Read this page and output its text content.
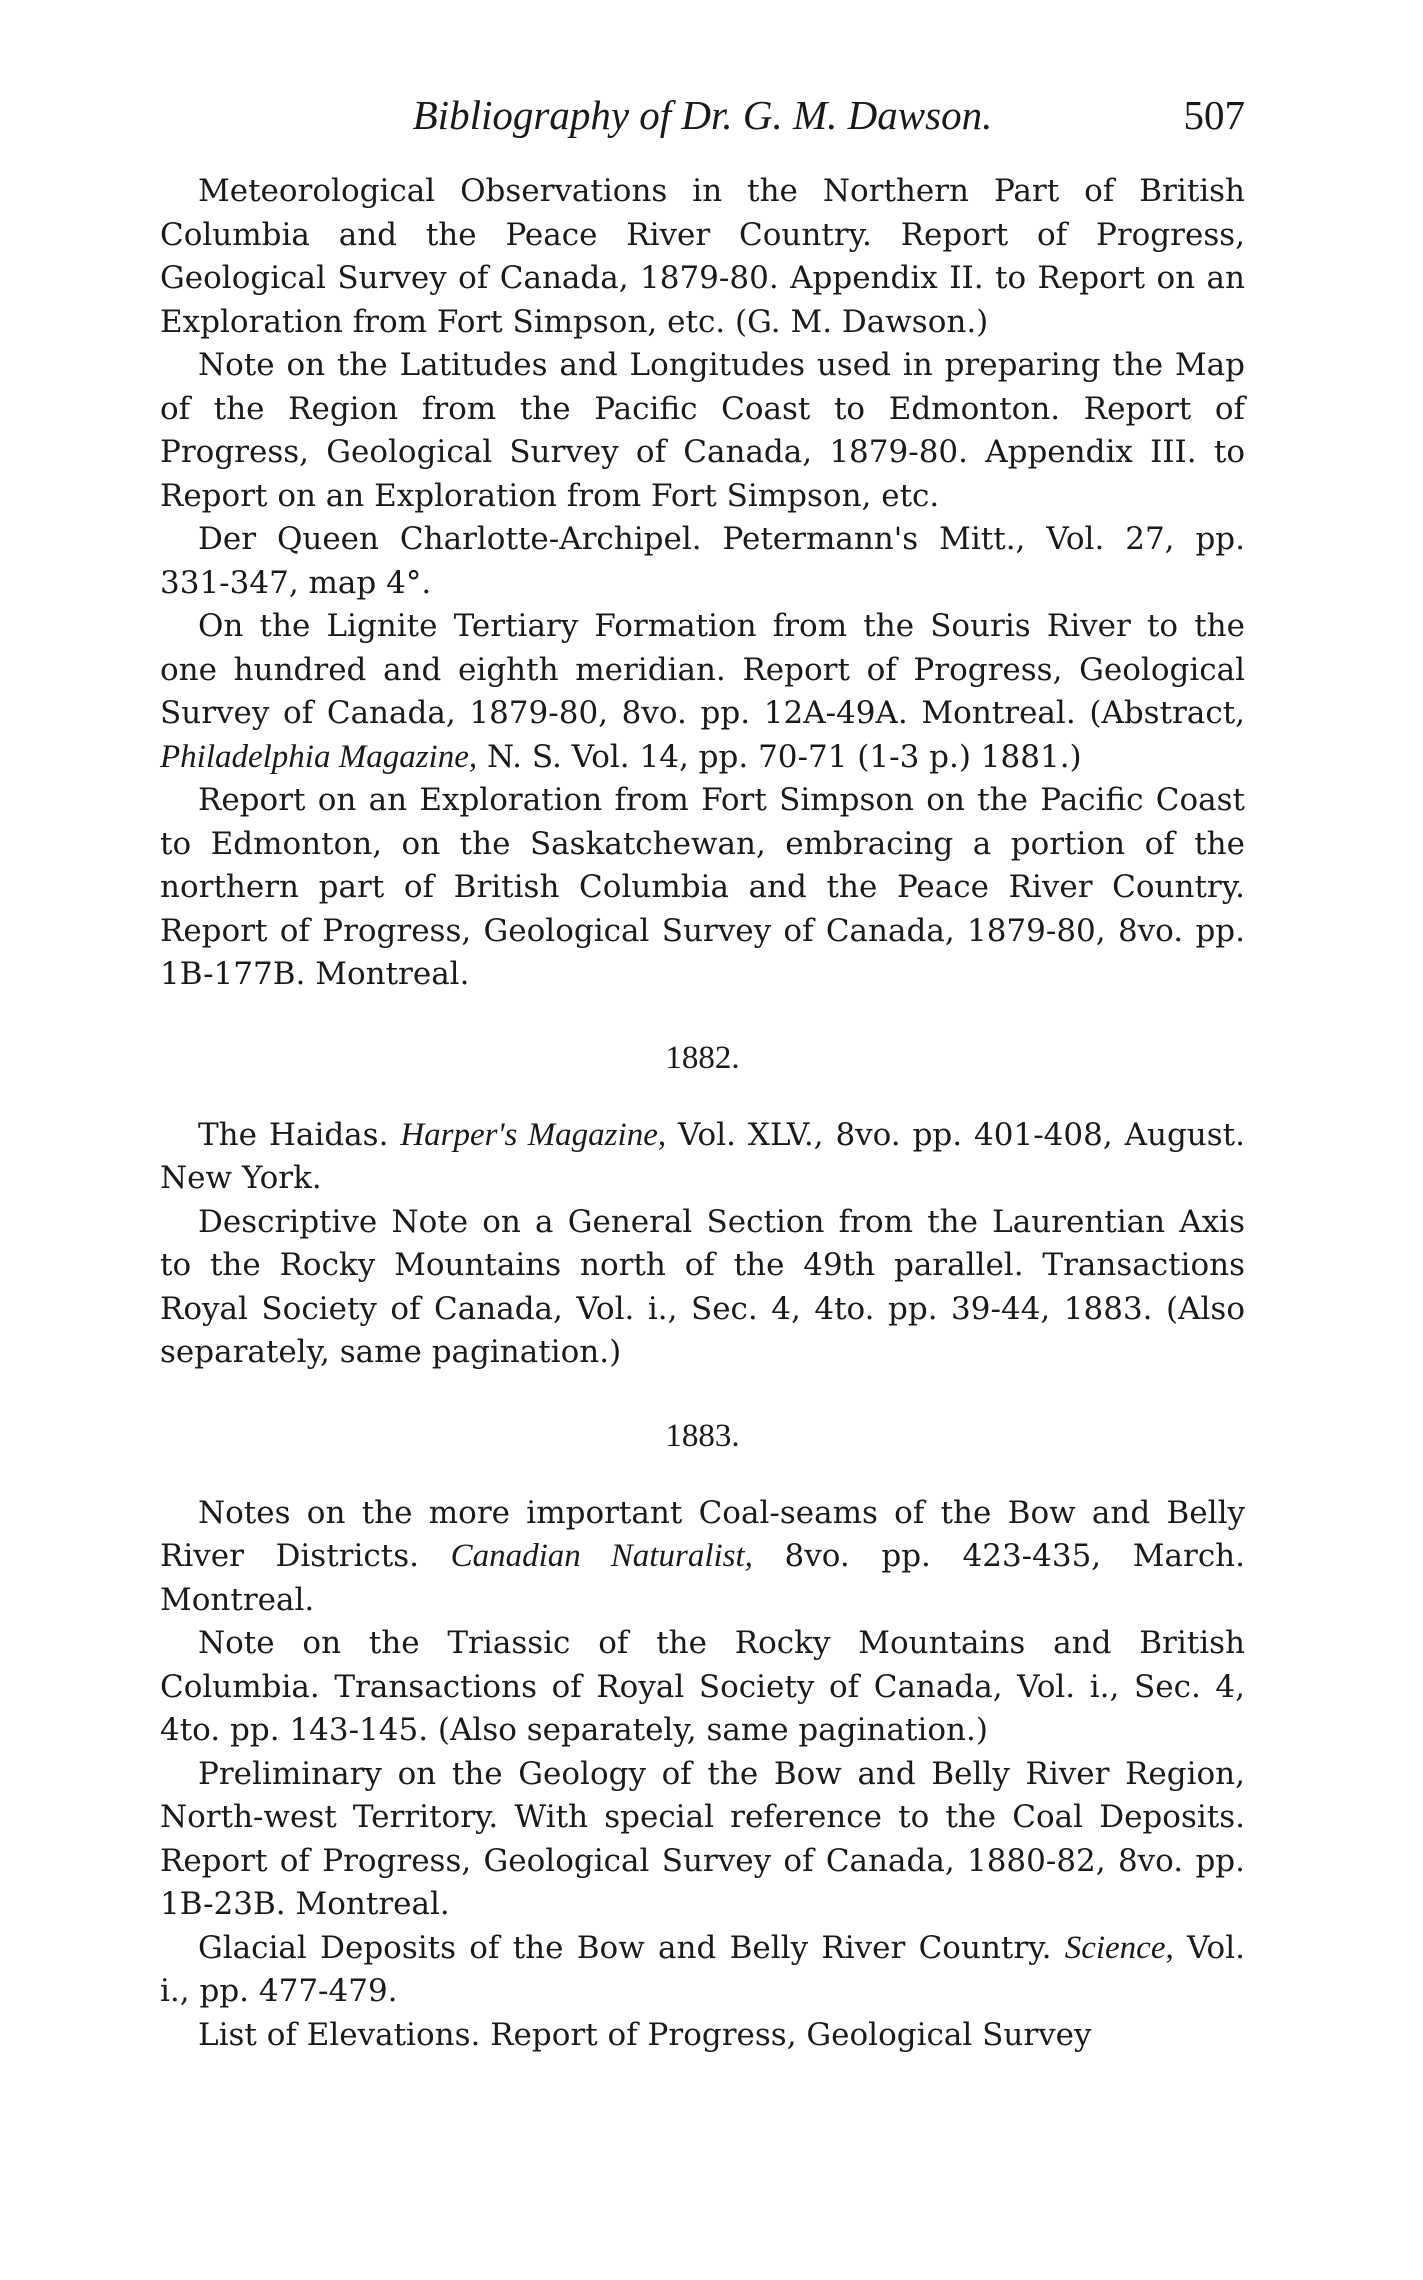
Bibliography of Dr. G. M. Dawson.	507

Meteorological Observations in the Northern Part of British Columbia and the Peace River Country. Report of Progress, Geological Survey of Canada, 1879-80. Appendix II. to Report on an Exploration from Fort Simpson, etc. (G. M. Dawson.)

Note on the Latitudes and Longitudes used in preparing the Map of the Region from the Pacific Coast to Edmonton. Report of Progress, Geological Survey of Canada, 1879-80. Appendix III. to Report on an Exploration from Fort Simpson, etc.

Der Queen Charlotte-Archipel. Petermann's Mitt., Vol. 27, pp. 331-347, map 4°.

On the Lignite Tertiary Formation from the Souris River to the one hundred and eighth meridian. Report of Progress, Geological Survey of Canada, 1879-80, 8vo. pp. 12A-49A. Montreal. (Abstract, Philadelphia Magazine, N. S. Vol. 14, pp. 70-71 (1-3 p.) 1881.)

Report on an Exploration from Fort Simpson on the Pacific Coast to Edmonton, on the Saskatchewan, embracing a portion of the northern part of British Columbia and the Peace River Country. Report of Progress, Geological Survey of Canada, 1879-80, 8vo. pp. 1B-177B. Montreal.

1882.

The Haidas. Harper's Magazine, Vol. XLV., 8vo. pp. 401-408, August. New York.

Descriptive Note on a General Section from the Laurentian Axis to the Rocky Mountains north of the 49th parallel. Transactions Royal Society of Canada, Vol. i., Sec. 4, 4to. pp. 39-44, 1883. (Also separately, same pagination.)

1883.

Notes on the more important Coal-seams of the Bow and Belly River Districts. Canadian Naturalist, 8vo. pp. 423-435, March. Montreal.

Note on the Triassic of the Rocky Mountains and British Columbia. Transactions of Royal Society of Canada, Vol. i., Sec. 4, 4to. pp. 143-145. (Also separately, same pagination.)

Preliminary on the Geology of the Bow and Belly River Region, North-west Territory. With special reference to the Coal Deposits. Report of Progress, Geological Survey of Canada, 1880-82, 8vo. pp. 1B-23B. Montreal.

Glacial Deposits of the Bow and Belly River Country. Science, Vol. i., pp. 477-479.

List of Elevations. Report of Progress, Geological Survey
